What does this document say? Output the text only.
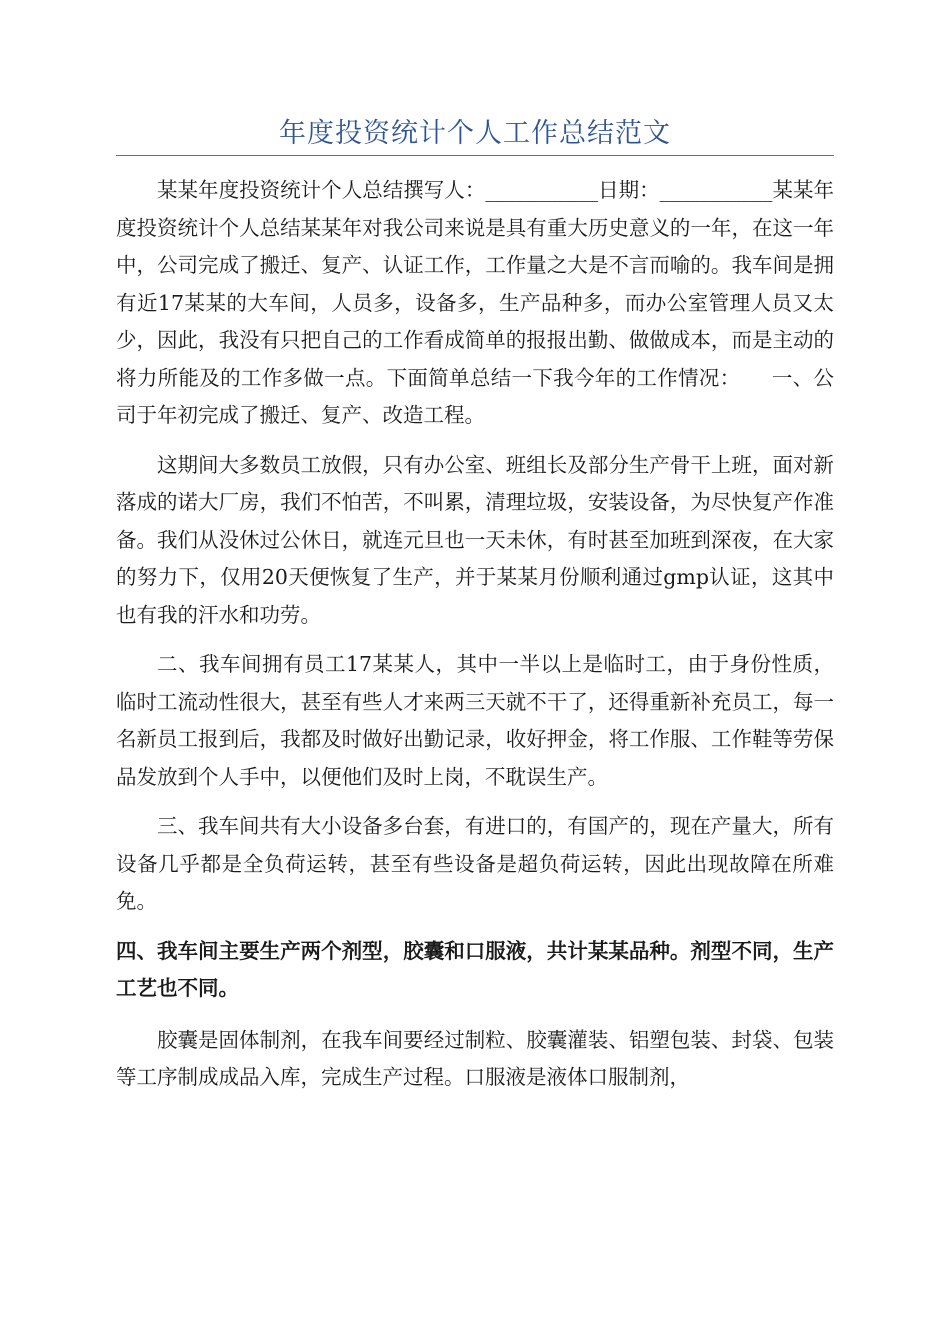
年度投资统计个人工作总结范文

某某年度投资统计个人总结撰写人：___________日期：___________某某年度投资统计个人总结某某年对我公司来说是具有重大历史意义的一年，在这一年中，公司完成了搬迁、复产、认证工作，工作量之大是不言而喻的。我车间是拥有近17某某的大车间，人员多，设备多，生产品种多，而办公室管理人员又太少，因此，我没有只把自己的工作看成简单的报报出勤、做做成本，而是主动的将力所能及的工作多做一点。下面简单总结一下我今年的工作情况：　　一、公司于年初完成了搬迁、复产、改造工程。

这期间大多数员工放假，只有办公室、班组长及部分生产骨干上班，面对新落成的诺大厂房，我们不怕苦，不叫累，清理垃圾，安装设备，为尽快复产作准备。我们从没休过公休日，就连元旦也一天未休，有时甚至加班到深夜，在大家的努力下，仅用20天便恢复了生产，并于某某月份顺利通过gmp认证，这其中也有我的汗水和功劳。

二、我车间拥有员工17某某人，其中一半以上是临时工，由于身份性质，临时工流动性很大，甚至有些人才来两三天就不干了，还得重新补充员工，每一名新员工报到后，我都及时做好出勤记录，收好押金，将工作服、工作鞋等劳保品发放到个人手中，以便他们及时上岗，不耽误生产。

三、我车间共有大小设备多台套，有进口的，有国产的，现在产量大，所有设备几乎都是全负荷运转，甚至有些设备是超负荷运转，因此出现故障在所难免。

四、我车间主要生产两个剂型，胶囊和口服液，共计某某品种。剂型不同，生产工艺也不同。

胶囊是固体制剂，在我车间要经过制粒、胶囊灌装、铝塑包装、封袋、包装等工序制成成品入库，完成生产过程。口服液是液体口服制剂，
